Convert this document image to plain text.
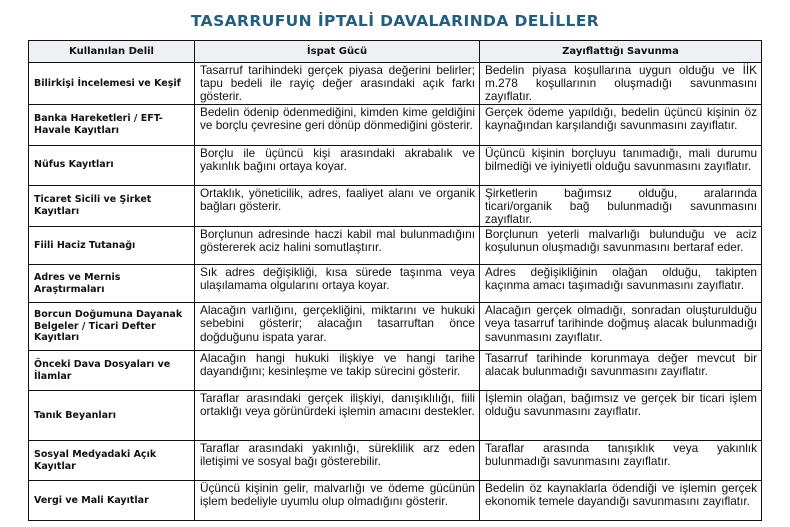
TASARRUFUN İPTALİ DAVALARINDA DELİLLER
Kullanılan Delil	İspat Gücü	Zayıflattığı Savunma
Bilirkişi İncelemesi ve Keşif	Tasarruf tarihindeki gerçek piyasa değerini belirler; tapu bedeli ile rayiç değer arasındaki açık farkı gösterir.	Bedelin piyasa koşullarına uygun olduğu ve İİK m.278 koşullarının oluşmadığı savunmasını zayıflatır.
Banka Hareketleri / EFT-Havale Kayıtları	Bedelin ödenip ödenmediğini, kimden kime geldiğini ve borçlu çevresine geri dönüp dönmediğini gösterir.	Gerçek ödeme yapıldığı, bedelin üçüncü kişinin öz kaynağından karşılandığı savunmasını zayıflatır.
Nüfus Kayıtları	Borçlu ile üçüncü kişi arasındaki akrabalık ve yakınlık bağını ortaya koyar.	Üçüncü kişinin borçluyu tanımadığı, mali durumu bilmediği ve iyiniyetli olduğu savunmasını zayıflatır.
Ticaret Sicili ve Şirket Kayıtları	Ortaklık, yöneticilik, adres, faaliyet alanı ve organik bağları gösterir.	Şirketlerin bağımsız olduğu, aralarında ticari/organik bağ bulunmadığı savunmasını zayıflatır.
Fiili Haciz Tutanağı	Borçlunun adresinde haczi kabil mal bulunmadığını göstererek aciz halini somutlaştırır.	Borçlunun yeterli malvarlığı bulunduğu ve aciz koşulunun oluşmadığı savunmasını bertaraf eder.
Adres ve Mernis Araştırmaları	Sık adres değişikliği, kısa sürede taşınma veya ulaşılamama olgularını ortaya koyar.	Adres değişikliğinin olağan olduğu, takipten kaçınma amacı taşımadığı savunmasını zayıflatır.
Borcun Doğumuna Dayanak Belgeler / Ticari Defter Kayıtları	Alacağın varlığını, gerçekliğini, miktarını ve hukuki sebebini gösterir; alacağın tasarruftan önce doğduğunu ispata yarar.	Alacağın gerçek olmadığı, sonradan oluşturulduğu veya tasarruf tarihinde doğmuş alacak bulunmadığı savunmasını zayıflatır.
Önceki Dava Dosyaları ve İlamlar	Alacağın hangi hukuki ilişkiye ve hangi tarihe dayandığını; kesinleşme ve takip sürecini gösterir.	Tasarruf tarihinde korunmaya değer mevcut bir alacak bulunmadığı savunmasını zayıflatır.
Tanık Beyanları	Taraflar arasındaki gerçek ilişkiyi, danışıklılığı, fiili ortaklığı veya görünürdeki işlemin amacını destekler.	İşlemin olağan, bağımsız ve gerçek bir ticari işlem olduğu savunmasını zayıflatır.
Sosyal Medyadaki Açık Kayıtlar	Taraflar arasındaki yakınlığı, süreklilik arz eden iletişimi ve sosyal bağı gösterebilir.	Taraflar arasında tanışıklık veya yakınlık bulunmadığı savunmasını zayıflatır.
Vergi ve Mali Kayıtlar	Üçüncü kişinin gelir, malvarlığı ve ödeme gücünün işlem bedeliyle uyumlu olup olmadığını gösterir.	Bedelin öz kaynaklarla ödendiği ve işlemin gerçek ekonomik temele dayandığı savunmasını zayıflatır.
